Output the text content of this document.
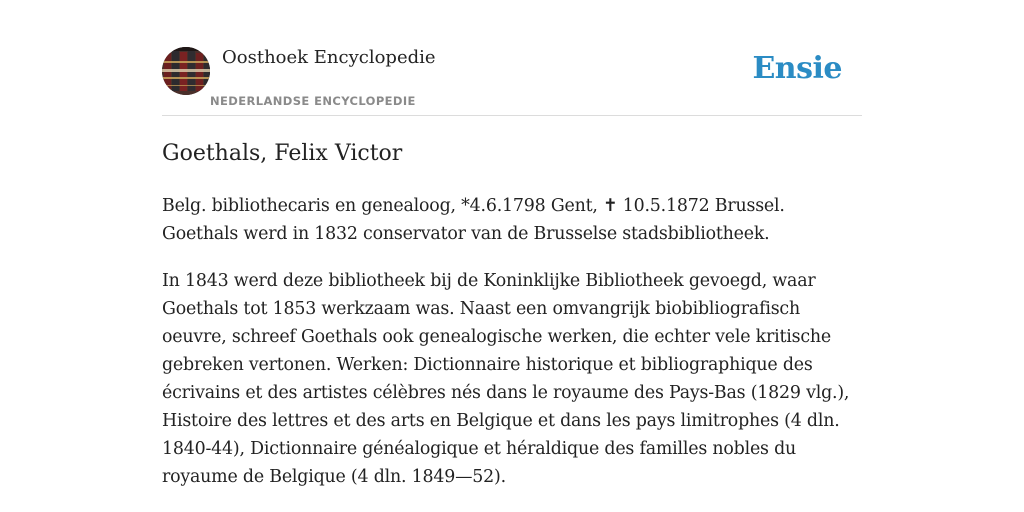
Oosthoek Encyclopedie
NEDERLANDSE ENCYCLOPEDIE
Ensie
Goethals, Felix Victor

Belg. bibliothecaris en genealoog, *4.6.1798 Gent, ✝ 10.5.1872 Brussel. Goethals werd in 1832 conservator van de Brusselse stadsbibliotheek.

In 1843 werd deze bibliotheek bij de Koninklijke Bibliotheek gevoegd, waar Goethals tot 1853 werkzaam was. Naast een omvangrijk biobibliografisch oeuvre, schreef Goethals ook genealogische werken, die echter vele kritische gebreken vertonen. Werken: Dictionnaire historique et bibliographique des écrivains et des artistes célèbres nés dans le royaume des Pays-Bas (1829 vlg.), Histoire des lettres et des arts en Belgique et dans les pays limitrophes (4 dln. 1840-44), Dictionnaire généalogique et héraldique des familles nobles du royaume de Belgique (4 dln. 1849—52).
